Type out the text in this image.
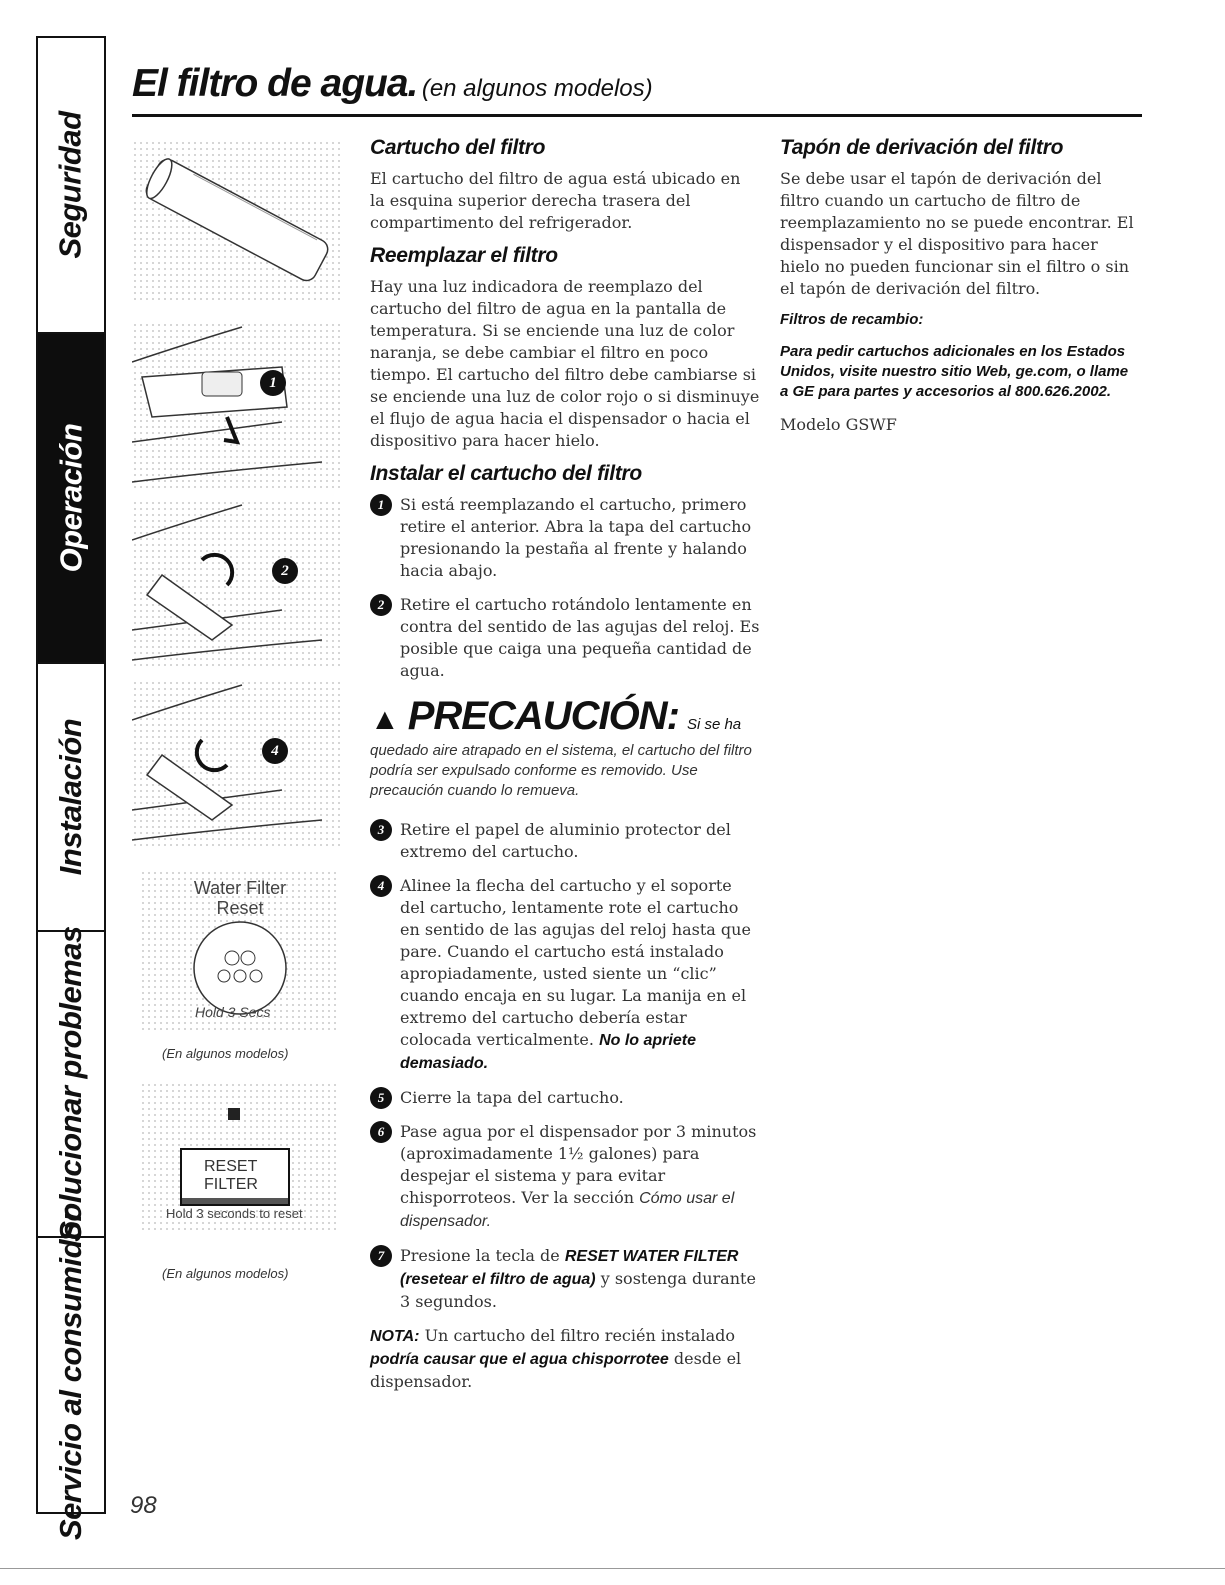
Seguridad
Operación
Instalación
Solucionar problemas
Servicio al consumidor
El filtro de agua. (en algunos modelos)
1
2
4
Water Filter
Reset
Hold 3 Secs
(En algunos modelos)
RESET
FILTER
Hold 3 seconds to reset
(En algunos modelos)
Cartucho del filtro

El cartucho del filtro de agua está ubicado en la esquina superior derecha trasera del compartimento del refrigerador.

Reemplazar el filtro

Hay una luz indicadora de reemplazo del cartucho del filtro de agua en la pantalla de temperatura. Si se enciende una luz de color naranja, se debe cambiar el filtro en poco tiempo. El cartucho del filtro debe cambiarse si se enciende una luz de color rojo o si disminuye el flujo de agua hacia el dispensador o hacia el dispositivo para hacer hielo.

Instalar el cartucho del filtro
1 Si está reemplazando el cartucho, primero retire el anterior. Abra la tapa del cartucho presionando la pestaña al frente y halando hacia abajo.
2 Retire el cartucho rotándolo lentamente en contra del sentido de las agujas del reloj. Es posible que caiga una pequeña cantidad de agua.
▲ PRECAUCIÓN: Si se ha
quedado aire atrapado en el sistema, el cartucho del filtro podría ser expulsado conforme es removido. Use precaución cuando lo remueva.
3 Retire el papel de aluminio protector del extremo del cartucho.
4 Alinee la flecha del cartucho y el soporte del cartucho, lentamente rote el cartucho en sentido de las agujas del reloj hasta que pare. Cuando el cartucho está instalado apropiadamente, usted siente un “clic” cuando encaja en su lugar. La manija en el extremo del cartucho debería estar colocada verticalmente. No lo apriete demasiado.
5 Cierre la tapa del cartucho.
6 Pase agua por el dispensador por 3 minutos (aproximadamente 1½ galones) para despejar el sistema y para evitar chisporroteos. Ver la sección Cómo usar el dispensador.
7 Presione la tecla de RESET WATER FILTER (resetear el filtro de agua) y sostenga durante 3 segundos.

NOTA: Un cartucho del filtro recién instalado podría causar que el agua chisporrotee desde el dispensador.

Tapón de derivación del filtro

Se debe usar el tapón de derivación del filtro cuando un cartucho de filtro de reemplazamiento no se puede encontrar. El dispensador y el dispositivo para hacer hielo no pueden funcionar sin el filtro o sin el tapón de derivación del filtro.

Filtros de recambio:
Para pedir cartuchos adicionales en los Estados Unidos, visite nuestro sitio Web, ge.com, o llame a GE para partes y accesorios al 800.626.2002.

Modelo GSWF

98
